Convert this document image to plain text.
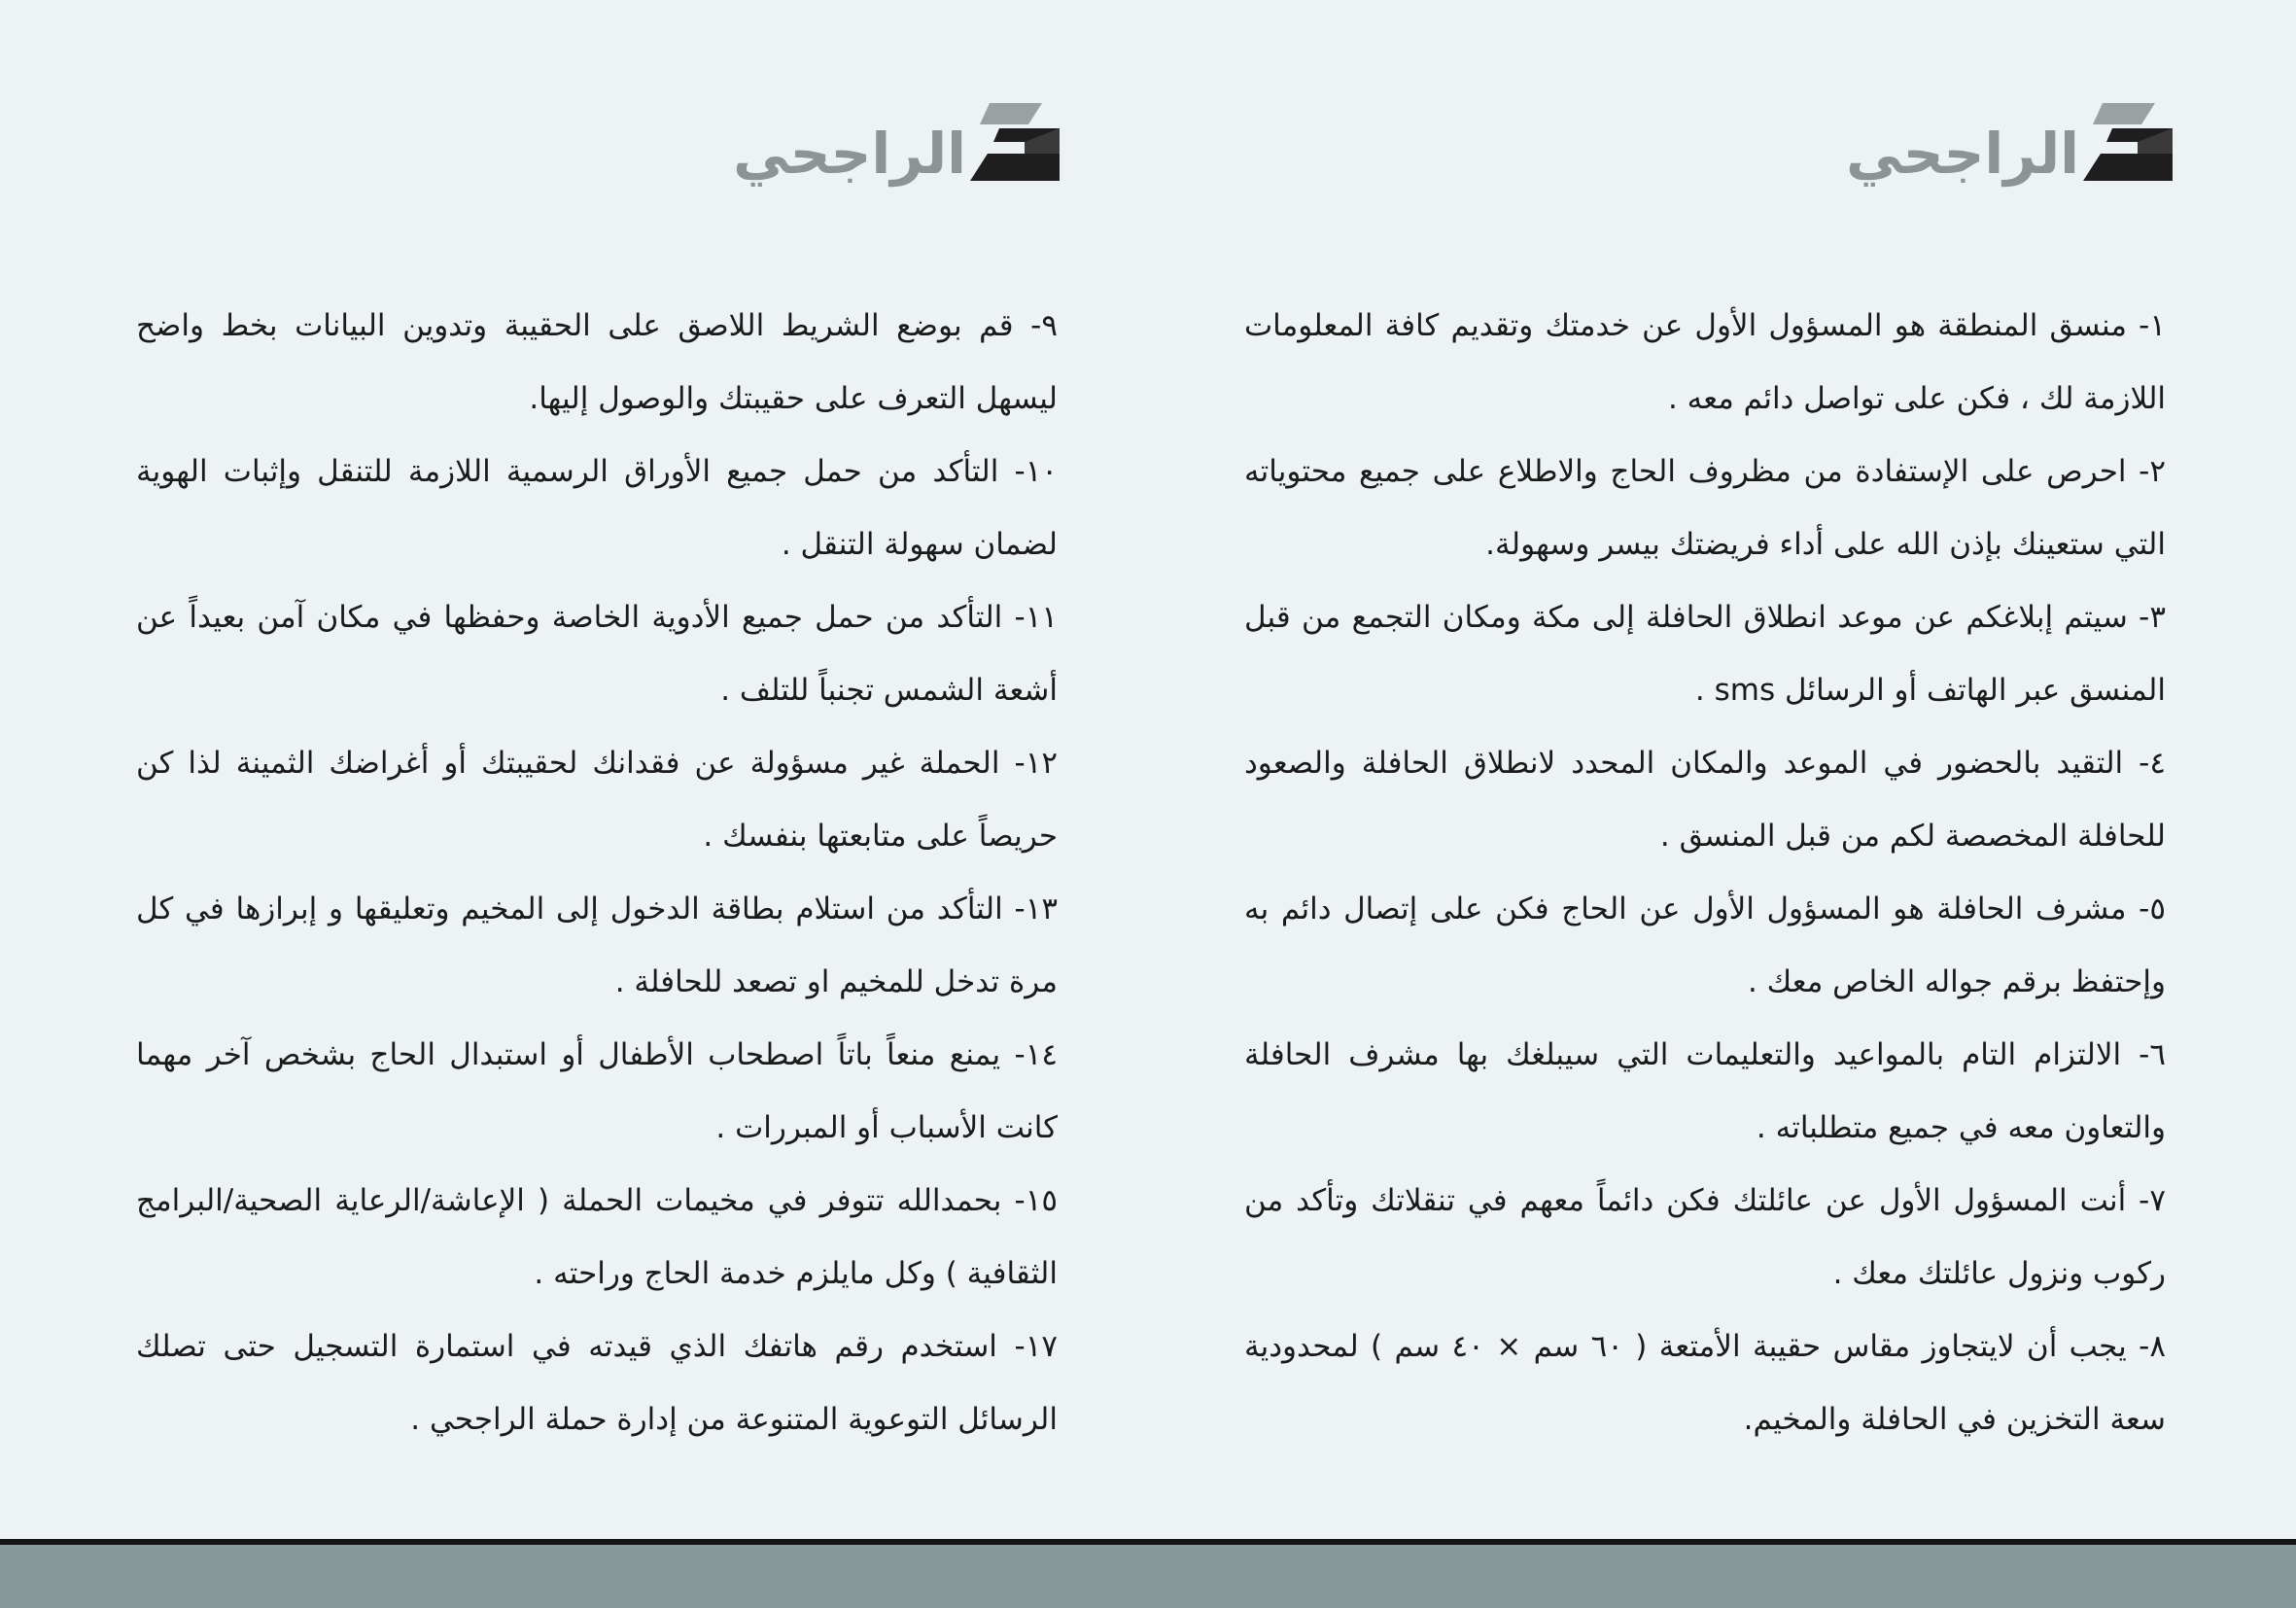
الراجحي
الراجحي

١- منسق المنطقة هو المسؤول الأول عن خدمتك وتقديم كافة المعلومات اللازمة لك ، فكن على تواصل دائم معه .

٢- احرص على الإستفادة من مظروف الحاج والاطلاع على جميع محتوياته التي ستعينك بإذن الله على أداء فريضتك بيسر وسهولة.

٣- سيتم إبلاغكم عن موعد انطلاق الحافلة إلى مكة ومكان التجمع من قبل المنسق عبر الهاتف أو الرسائل sms .

٤- التقيد بالحضور في الموعد والمكان المحدد لانطلاق الحافلة والصعود للحافلة المخصصة لكم من قبل المنسق .

٥- مشرف الحافلة هو المسؤول الأول عن الحاج فكن على إتصال دائم به وإحتفظ برقم جواله الخاص معك .

٦- الالتزام التام بالمواعيد والتعليمات التي سيبلغك بها مشرف الحافلة والتعاون معه في جميع متطلباته .

٧- أنت المسؤول الأول عن عائلتك فكن دائماً معهم في تنقلاتك وتأكد من ركوب ونزول عائلتك معك .

٨- يجب أن لايتجاوز مقاس حقيبة الأمتعة ( ٦٠ سم × ٤٠ سم ) لمحدودية سعة التخزين في الحافلة والمخيم.

٩- قم بوضع الشريط اللاصق على الحقيبة وتدوين البيانات بخط واضح ليسهل التعرف على حقيبتك والوصول إليها.

١٠- التأكد من حمل جميع الأوراق الرسمية اللازمة للتنقل وإثبات الهوية لضمان سهولة التنقل .

١١- التأكد من حمل جميع الأدوية الخاصة وحفظها في مكان آمن بعيداً عن أشعة الشمس تجنباً للتلف .

١٢- الحملة غير مسؤولة عن فقدانك لحقيبتك أو أغراضك الثمينة لذا كن حريصاً على متابعتها بنفسك .

١٣- التأكد من استلام بطاقة الدخول إلى المخيم وتعليقها و إبرازها في كل مرة تدخل للمخيم او تصعد للحافلة .

١٤- يمنع منعاً باتاً اصطحاب الأطفال أو استبدال الحاج بشخص آخر مهما كانت الأسباب أو المبررات .

١٥- بحمدالله تتوفر في مخيمات الحملة ( الإعاشة/الرعاية الصحية/البرامج الثقافية ) وكل مايلزم خدمة الحاج وراحته .

١٧- استخدم رقم هاتفك الذي قيدته في استمارة التسجيل حتى تصلك الرسائل التوعوية المتنوعة من إدارة حملة الراجحي .
